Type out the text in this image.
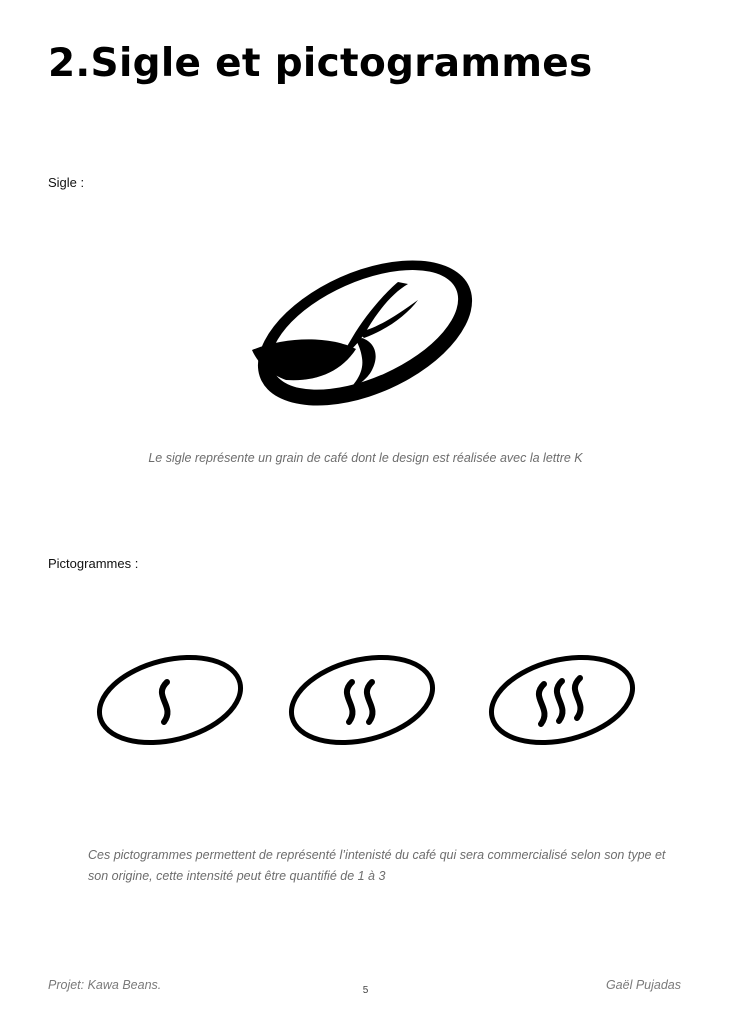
2.Sigle et pictogrammes
Sigle :
Le sigle représente un grain de café dont le design est réalisée avec la lettre K
Pictogrammes :
Ces pictogrammes permettent de représenté l’intenisté du café qui sera commercialisé selon son type et son origine, cette intensité peut être quantifié de 1 à 3
Projet: Kawa Beans.	5	Gaël Pujadas
